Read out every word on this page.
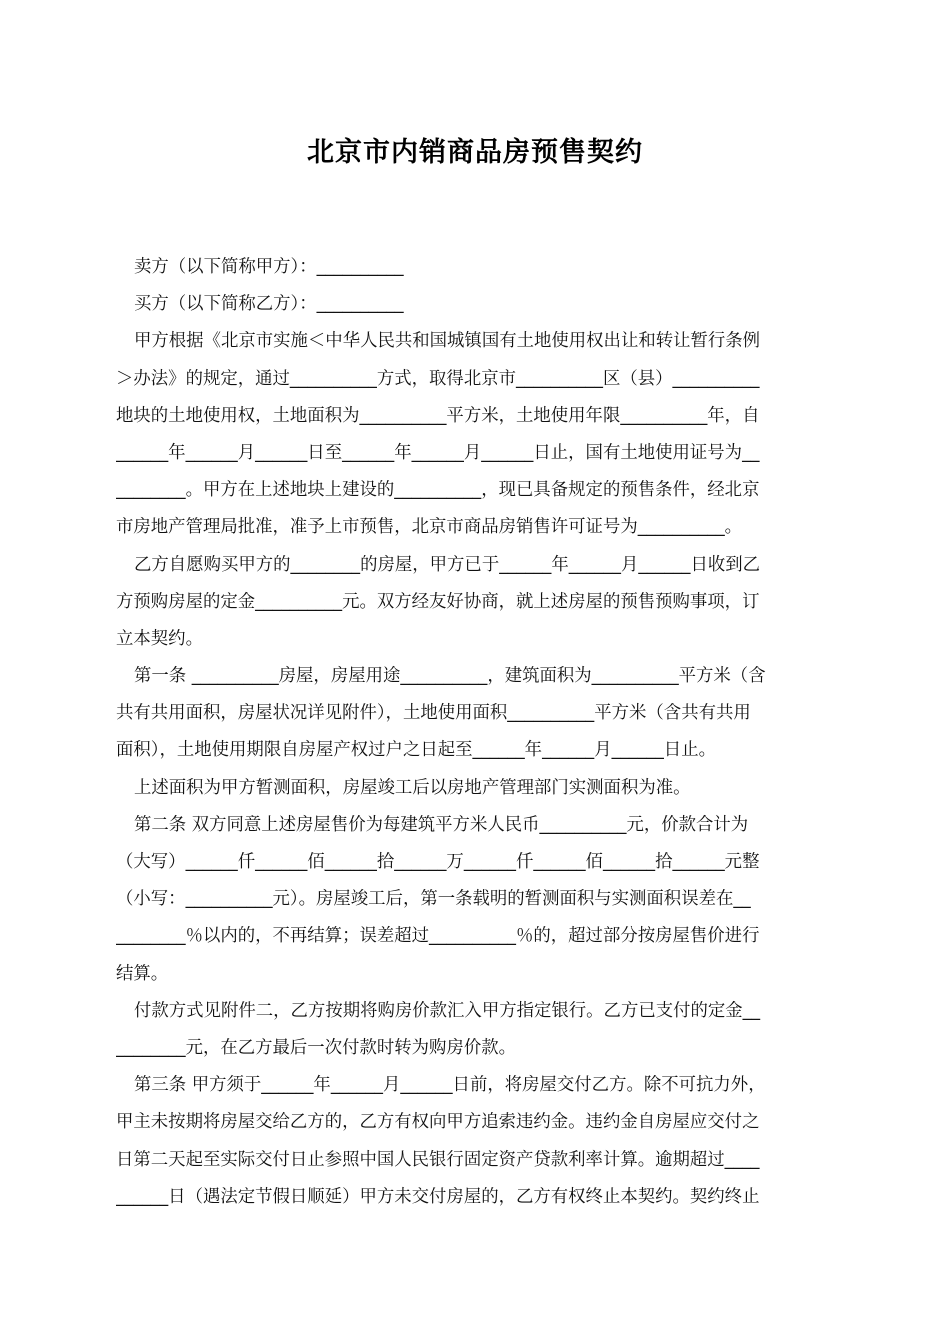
北京市内销商品房预售契约
卖方（以下简称甲方）：__________
买方（以下简称乙方）：__________
甲方根据《北京市实施＜中华人民共和国城镇国有土地使用权出让和转让暂行条例
＞办法》的规定，通过__________方式，取得北京市__________区（县）__________
地块的土地使用权，土地面积为__________平方米，土地使用年限__________年，自
______年______月______日至______年______月______日止，国有土地使用证号为__
________。甲方在上述地块上建设的__________，现已具备规定的预售条件，经北京
市房地产管理局批准，准予上市预售，北京市商品房销售许可证号为__________。
乙方自愿购买甲方的________的房屋，甲方已于______年______月______日收到乙
方预购房屋的定金__________元。双方经友好协商，就上述房屋的预售预购事项，订
立本契约。
第一条 __________房屋，房屋用途__________，建筑面积为__________平方米（含
共有共用面积，房屋状况详见附件），土地使用面积__________平方米（含共有共用
面积），土地使用期限自房屋产权过户之日起至______年______月______日止。
上述面积为甲方暂测面积，房屋竣工后以房地产管理部门实测面积为准。
第二条 双方同意上述房屋售价为每建筑平方米人民币__________元，价款合计为
（大写）______仟______佰______拾______万______仟______佰______拾______元整
（小写：__________元）。房屋竣工后，第一条载明的暂测面积与实测面积误差在__
________％以内的，不再结算；误差超过__________％的，超过部分按房屋售价进行
结算。
付款方式见附件二，乙方按期将购房价款汇入甲方指定银行。乙方已支付的定金__
________元，在乙方最后一次付款时转为购房价款。
第三条 甲方须于______年______月______日前，将房屋交付乙方。除不可抗力外，
甲主未按期将房屋交给乙方的，乙方有权向甲方追索违约金。违约金自房屋应交付之
日第二天起至实际交付日止参照中国人民银行固定资产贷款利率计算。逾期超过____
______日（遇法定节假日顺延）甲方未交付房屋的，乙方有权终止本契约。契约终止
